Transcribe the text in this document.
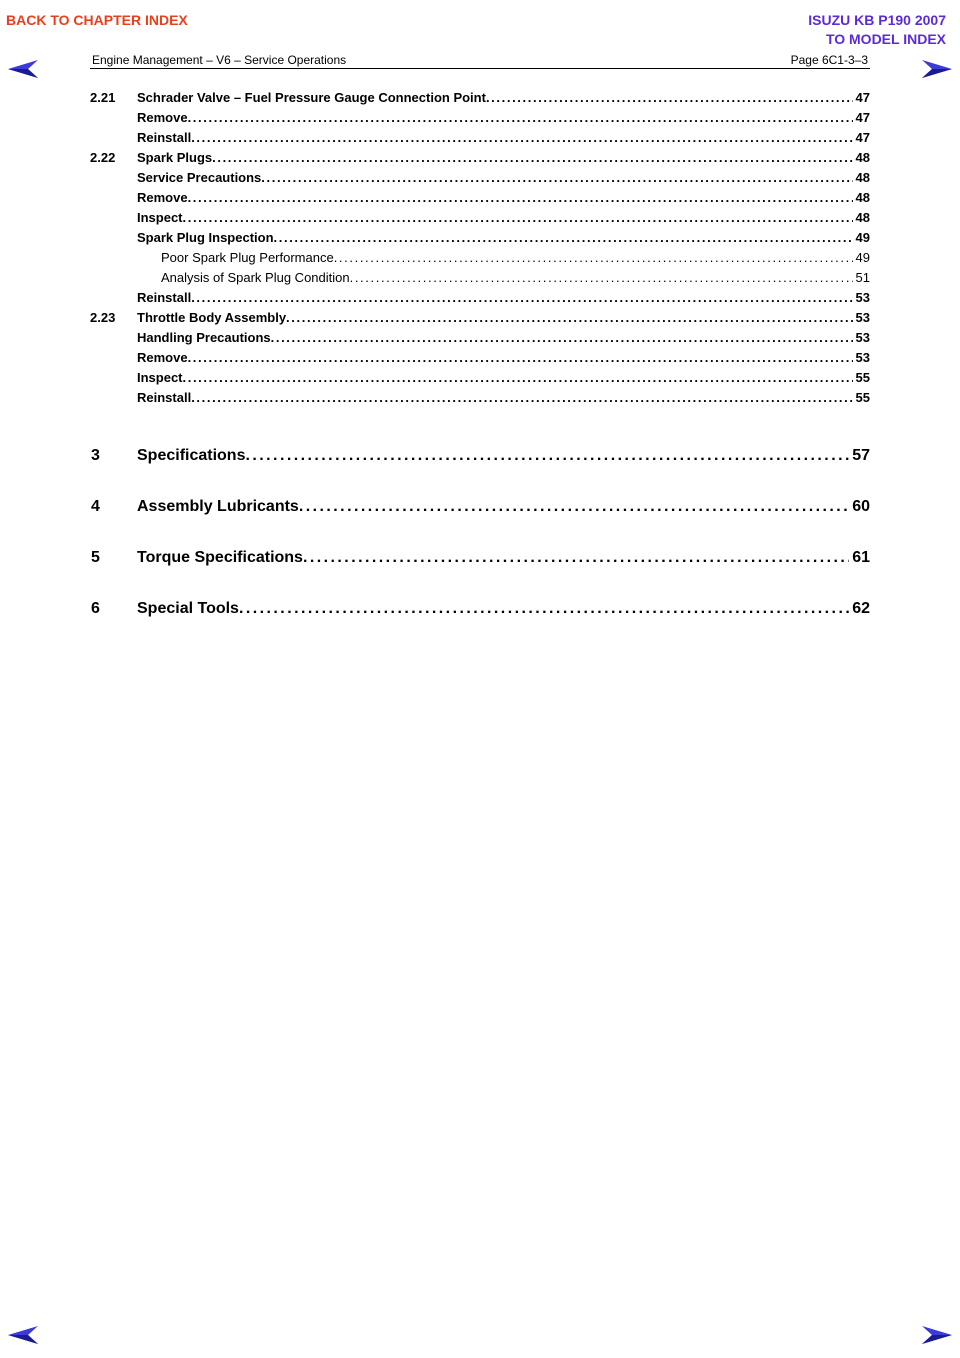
BACK TO CHAPTER INDEX	ISUZU KB P190 2007
TO MODEL INDEX
Engine Management – V6 – Service Operations	Page 6C1-3–3
2.21 Schrader Valve – Fuel Pressure Gauge Connection Point . . .	47
Remove . . .	47
Reinstall . . .	47
2.22 Spark Plugs . . .	48
Service Precautions . . .	48
Remove . . .	48
Inspect . . .	48
Spark Plug Inspection . . .	49
Poor Spark Plug Performance . . .	49
Analysis of Spark Plug Condition . . .	51
Reinstall . . .	53
2.23 Throttle Body Assembly . . .	53
Handling Precautions . . .	53
Remove . . .	53
Inspect . . .	55
Reinstall . . .	55
3 Specifications . . .	57
4 Assembly Lubricants . . .	60
5 Torque Specifications . . .	61
6 Special Tools . . .	62
